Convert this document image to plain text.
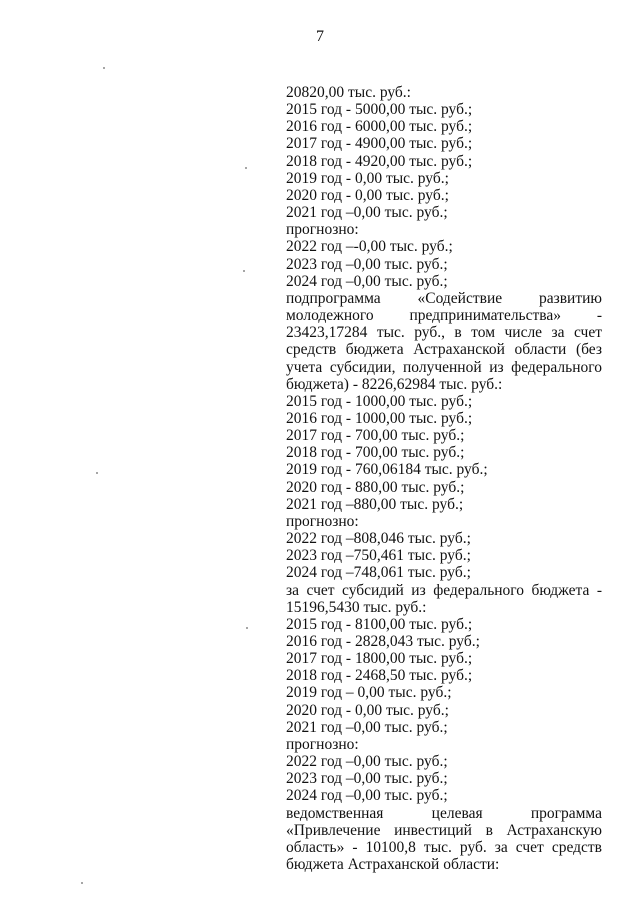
7
20820,00 тыс. руб.:
2015 год - 5000,00 тыс. руб.;
2016 год - 6000,00 тыс. руб.;
2017 год - 4900,00 тыс. руб.;
2018 год - 4920,00 тыс. руб.;
2019 год - 0,00 тыс. руб.;
2020 год - 0,00 тыс. руб.;
2021 год –0,00 тыс. руб.;
прогнозно:
2022 год –-0,00 тыс. руб.;
2023 год –0,00 тыс. руб.;
2024 год –0,00 тыс. руб.;
подпрограмма «Содействие развитию молодежного предпринимательства» - 23423,17284 тыс. руб., в том числе за счет средств бюджета Астраханской области (без учета субсидии, полученной из федерального бюджета) - 8226,62984 тыс. руб.:
2015 год - 1000,00 тыс. руб.;
2016 год - 1000,00 тыс. руб.;
2017 год - 700,00 тыс. руб.;
2018 год - 700,00 тыс. руб.;
2019 год - 760,06184 тыс. руб.;
2020 год - 880,00 тыс. руб.;
2021 год –880,00 тыс. руб.;
прогнозно:
2022 год –808,046 тыс. руб.;
2023 год –750,461 тыс. руб.;
2024 год –748,061 тыс. руб.;
за счет субсидий из федерального бюджета - 15196,5430 тыс. руб.:
2015 год - 8100,00 тыс. руб.;
2016 год - 2828,043 тыс. руб.;
2017 год - 1800,00 тыс. руб.;
2018 год - 2468,50 тыс. руб.;
2019 год – 0,00 тыс. руб.;
2020 год - 0,00 тыс. руб.;
2021 год –0,00 тыс. руб.;
прогнозно:
2022 год –0,00 тыс. руб.;
2023 год –0,00 тыс. руб.;
2024 год –0,00 тыс. руб.;
ведомственная целевая программа «Привлечение инвестиций в Астраханскую область» - 10100,8 тыс. руб. за счет средств бюджета Астраханской области:
